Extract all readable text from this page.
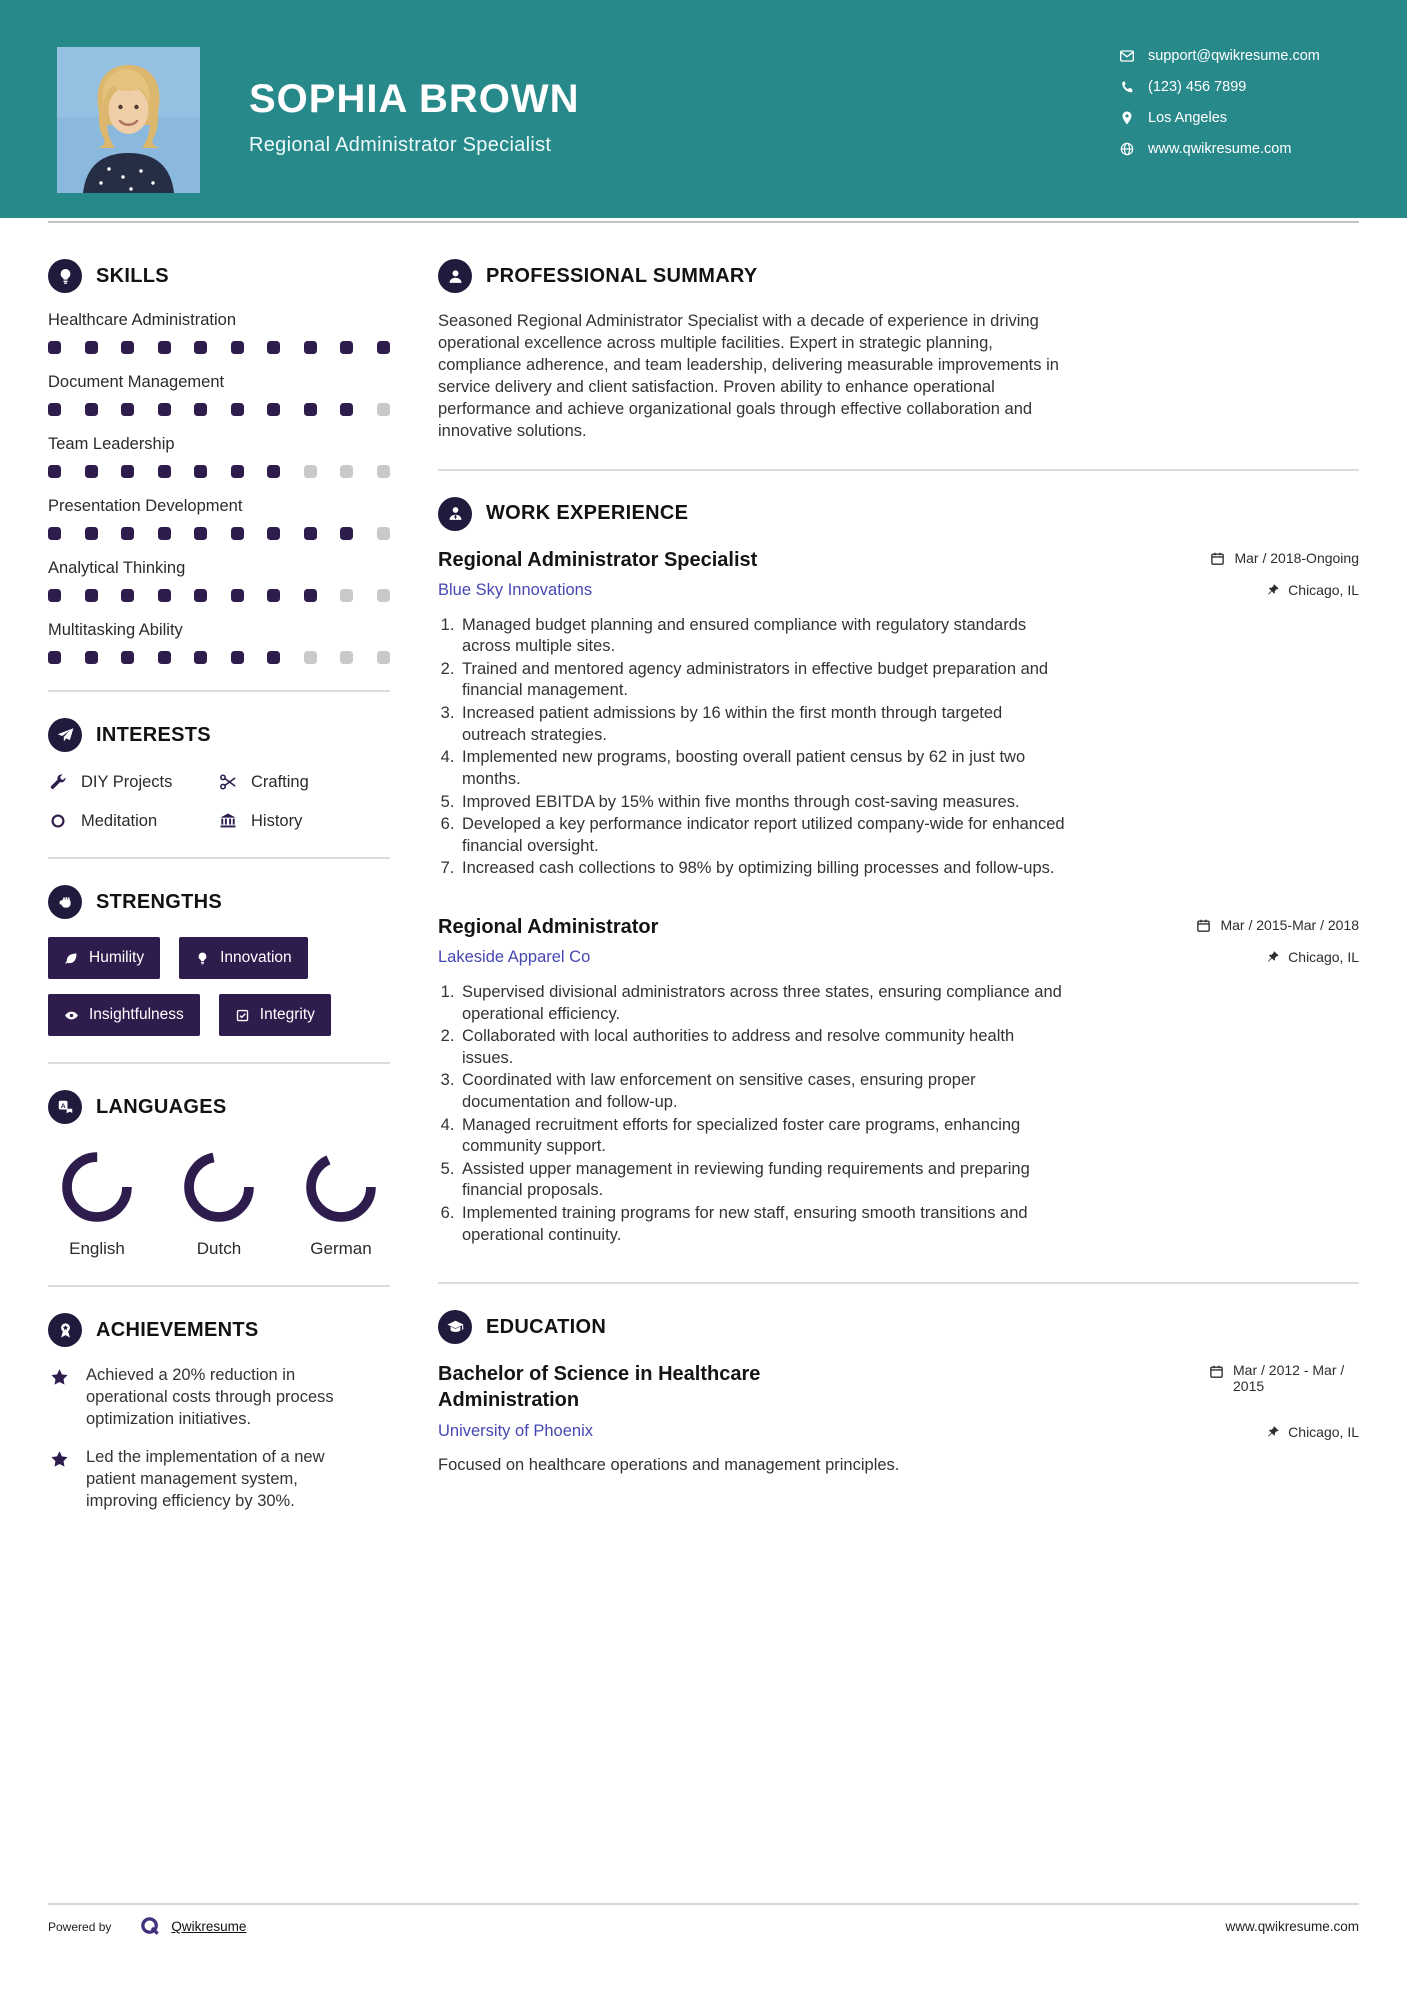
SOPHIA BROWN
Regional Administrator Specialist
support@qwikresume.com
(123) 456 7899
Los Angeles
www.qwikresume.com
SKILLS
Healthcare Administration
Document Management
Team Leadership
Presentation Development
Analytical Thinking
Multitasking Ability
INTERESTS
DIY Projects	Crafting
Meditation	History
STRENGTHS
Humility	Innovation
Insightfulness	Integrity
A LANGUAGES
English	Dutch	German
ACHIEVEMENTS
Achieved a 20% reduction in operational costs through process optimization initiatives.
Led the implementation of a new patient management system, improving efficiency by 30%.
PROFESSIONAL SUMMARY

Seasoned Regional Administrator Specialist with a decade of experience in driving operational excellence across multiple facilities. Expert in strategic planning, compliance adherence, and team leadership, delivering measurable improvements in service delivery and client satisfaction. Proven ability to enhance operational performance and achieve organizational goals through effective collaboration and innovative solutions.

WORK EXPERIENCE
Regional Administrator Specialist	Mar / 2018-Ongoing
Blue Sky Innovations	Chicago, IL
1. Managed budget planning and ensured compliance with regulatory standards across multiple sites.
2. Trained and mentored agency administrators in effective budget preparation and financial management.
3. Increased patient admissions by 16 within the first month through targeted outreach strategies.
4. Implemented new programs, boosting overall patient census by 62 in just two months.
5. Improved EBITDA by 15% within five months through cost-saving measures.
6. Developed a key performance indicator report utilized company-wide for enhanced financial oversight.
7. Increased cash collections to 98% by optimizing billing processes and follow-ups.
Regional Administrator	Mar / 2015-Mar / 2018
Lakeside Apparel Co	Chicago, IL
1. Supervised divisional administrators across three states, ensuring compliance and operational efficiency.
2. Collaborated with local authorities to address and resolve community health issues.
3. Coordinated with law enforcement on sensitive cases, ensuring proper documentation and follow-up.
4. Managed recruitment efforts for specialized foster care programs, enhancing community support.
5. Assisted upper management in reviewing funding requirements and preparing financial proposals.
6. Implemented training programs for new staff, ensuring smooth transitions and operational continuity.
EDUCATION
Bachelor of Science in Healthcare Administration
Mar / 2012 - Mar / 2015
University of Phoenix	Chicago, IL

Focused on healthcare operations and management principles.

Powered by	Qwikresume	www.qwikresume.com
